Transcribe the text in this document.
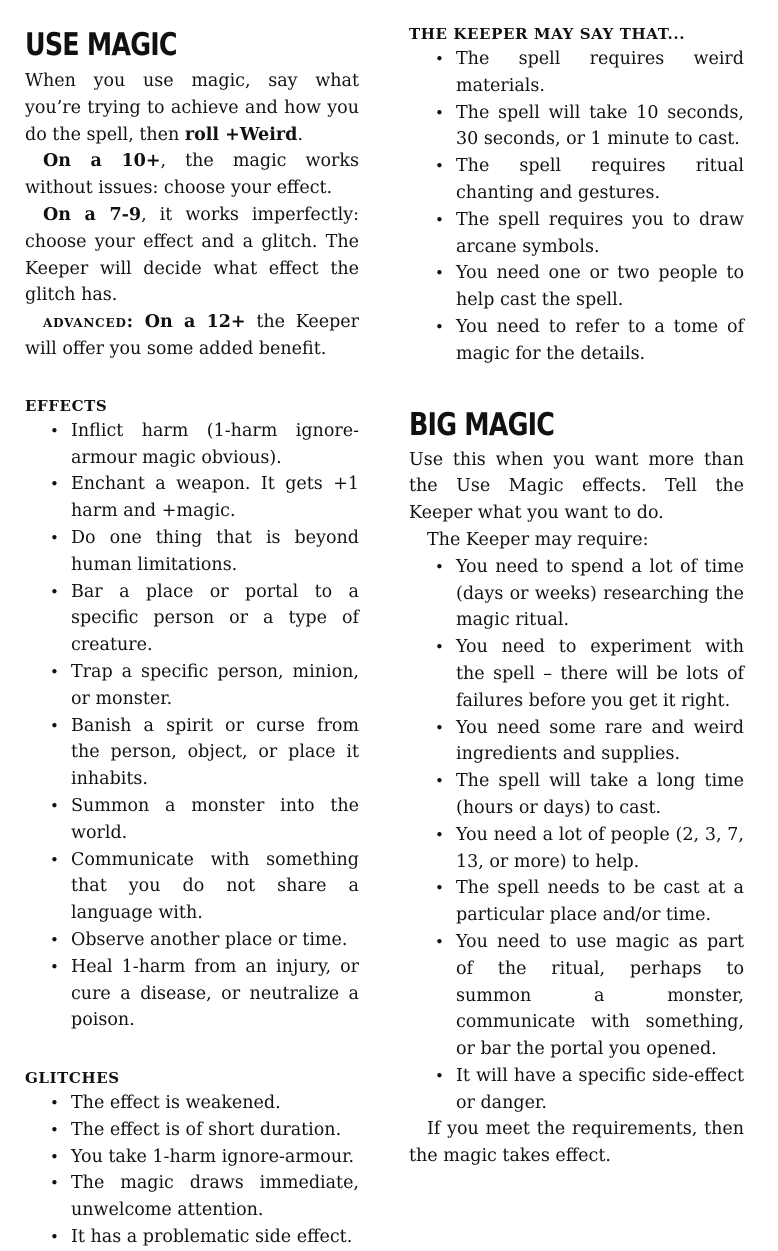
USE MAGIC

When you use magic, say what you’re trying to achieve and how you do the spell, then roll +Weird.

On a 10+, the magic works without issues: choose your effect.

On a 7-9, it works imperfectly: choose your effect and a glitch. The Keeper will decide what effect the glitch has.

advanced: On a 12+ the Keeper will offer you some added benefit.

EFFECTS
• Inflict harm (1-harm ignore-armour magic obvious).
• Enchant a weapon. It gets +1 harm and +magic.
• Do one thing that is beyond human limitations.
• Bar a place or portal to a specific person or a type of creature.
• Trap a specific person, minion, or monster.
• Banish a spirit or curse from the person, object, or place it inhabits.
• Summon a monster into the world.
• Communicate with something that you do not share a language with.
• Observe another place or time.
• Heal 1-harm from an injury, or cure a disease, or neutralize a poison.
GLITCHES
• The effect is weakened.
• The effect is of short duration.
• You take 1-harm ignore-armour.
• The magic draws immediate, unwelcome attention.
• It has a problematic side effect.
THE KEEPER MAY SAY THAT...
• The spell requires weird materials.
• The spell will take 10 seconds, 30 seconds, or 1 minute to cast.
• The spell requires ritual chanting and gestures.
• The spell requires you to draw arcane symbols.
• You need one or two people to help cast the spell.
• You need to refer to a tome of magic for the details.
BIG MAGIC

Use this when you want more than the Use Magic effects. Tell the Keeper what you want to do.

The Keeper may require:

• You need to spend a lot of time (days or weeks) researching the magic ritual.
• You need to experiment with the spell – there will be lots of failures before you get it right.
• You need some rare and weird ingredients and supplies.
• The spell will take a long time (hours or days) to cast.
• You need a lot of people (2, 3, 7, 13, or more) to help.
• The spell needs to be cast at a particular place and/or time.
• You need to use magic as part of the ritual, perhaps to summon a monster, communicate with something, or bar the portal you opened.
• It will have a specific side-effect or danger.

If you meet the requirements, then the magic takes effect.
